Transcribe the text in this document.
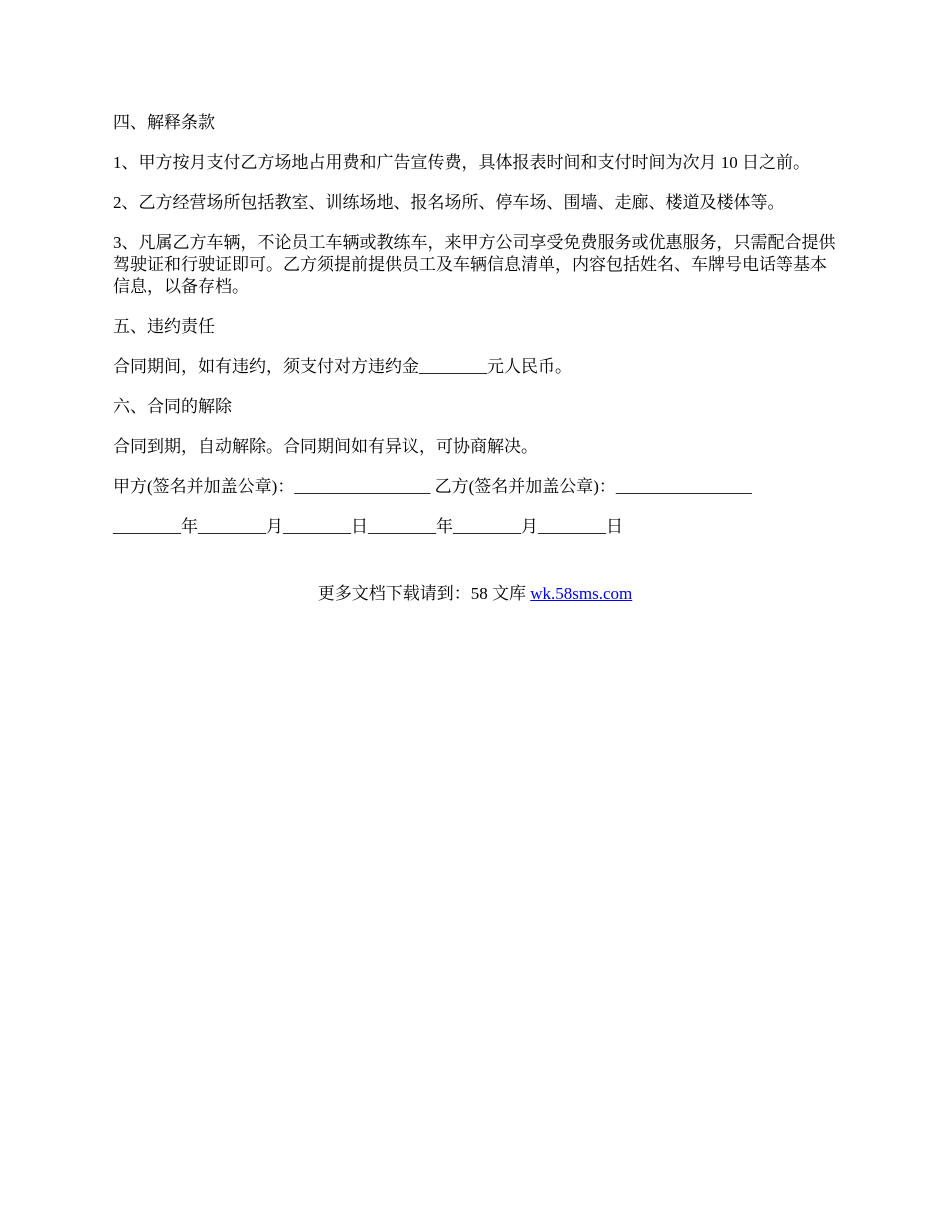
四、解释条款

1、甲方按月支付乙方场地占用费和广告宣传费，具体报表时间和支付时间为次月 10 日之前。

2、乙方经营场所包括教室、训练场地、报名场所、停车场、围墙、走廊、楼道及楼体等。

3、凡属乙方车辆，不论员工车辆或教练车，来甲方公司享受免费服务或优惠服务，只需配合提供驾驶证和行驶证即可。乙方须提前提供员工及车辆信息清单，内容包括姓名、车牌号电话等基本信息，以备存档。

五、违约责任

合同期间，如有违约，须支付对方违约金________元人民币。

六、合同的解除

合同到期，自动解除。合同期间如有异议，可协商解决。

甲方(签名并加盖公章)：________________ 乙方(签名并加盖公章)：________________

________年________月________日________年________月________日

更多文档下载请到：58 文库 wk.58sms.com
